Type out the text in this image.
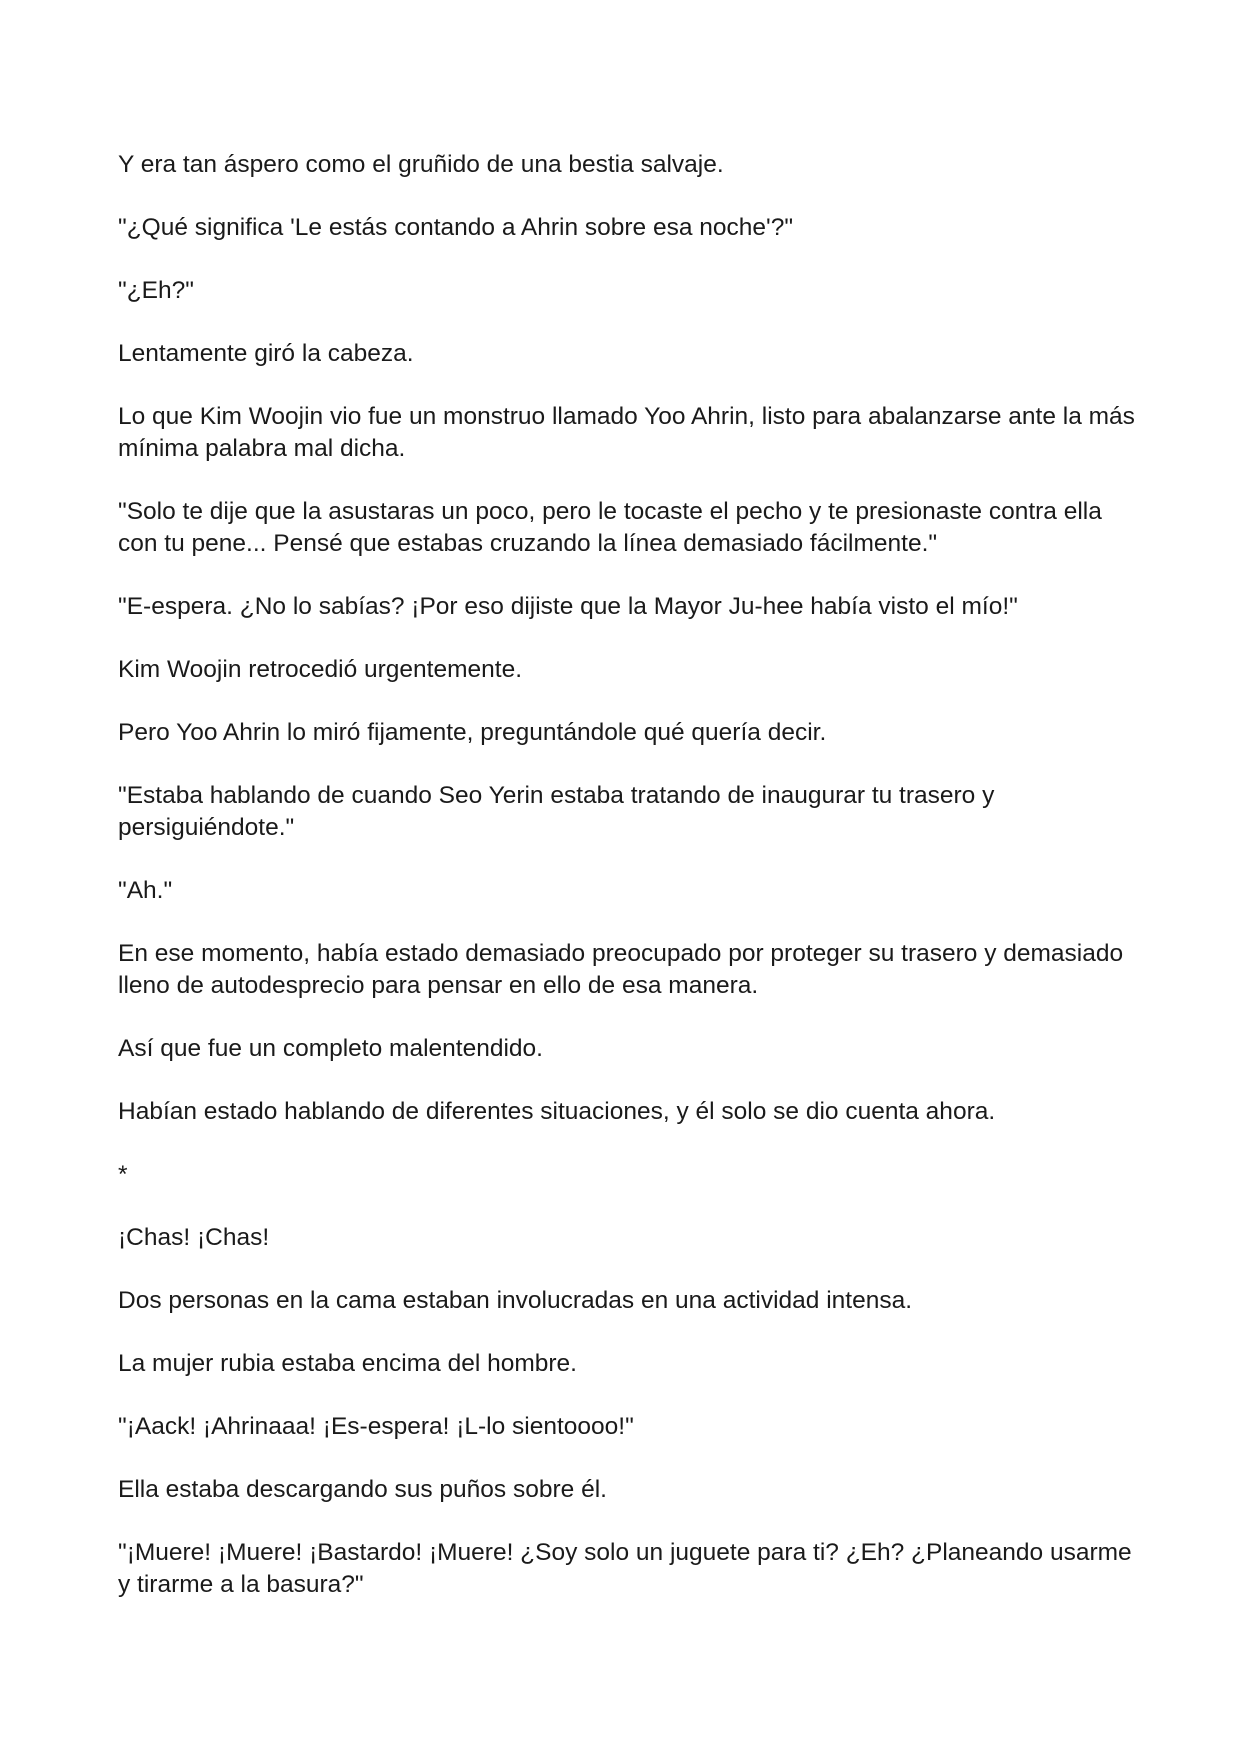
Y era tan áspero como el gruñido de una bestia salvaje.

"¿Qué significa 'Le estás contando a Ahrin sobre esa noche'?"

"¿Eh?"

Lentamente giró la cabeza.

Lo que Kim Woojin vio fue un monstruo llamado Yoo Ahrin, listo para abalanzarse ante la más mínima palabra mal dicha.

"Solo te dije que la asustaras un poco, pero le tocaste el pecho y te presionaste contra ella con tu pene... Pensé que estabas cruzando la línea demasiado fácilmente."

"E-espera. ¿No lo sabías? ¡Por eso dijiste que la Mayor Ju-hee había visto el mío!"

Kim Woojin retrocedió urgentemente.

Pero Yoo Ahrin lo miró fijamente, preguntándole qué quería decir.

"Estaba hablando de cuando Seo Yerin estaba tratando de inaugurar tu trasero y persiguiéndote."

"Ah."

En ese momento, había estado demasiado preocupado por proteger su trasero y demasiado lleno de autodesprecio para pensar en ello de esa manera.

Así que fue un completo malentendido.

Habían estado hablando de diferentes situaciones, y él solo se dio cuenta ahora.

*

¡Chas! ¡Chas!

Dos personas en la cama estaban involucradas en una actividad intensa.

La mujer rubia estaba encima del hombre.

"¡Aack! ¡Ahrinaaa! ¡Es-espera! ¡L-lo sientoooo!"

Ella estaba descargando sus puños sobre él.

"¡Muere! ¡Muere! ¡Bastardo! ¡Muere! ¿Soy solo un juguete para ti? ¿Eh? ¿Planeando usarme y tirarme a la basura?"
